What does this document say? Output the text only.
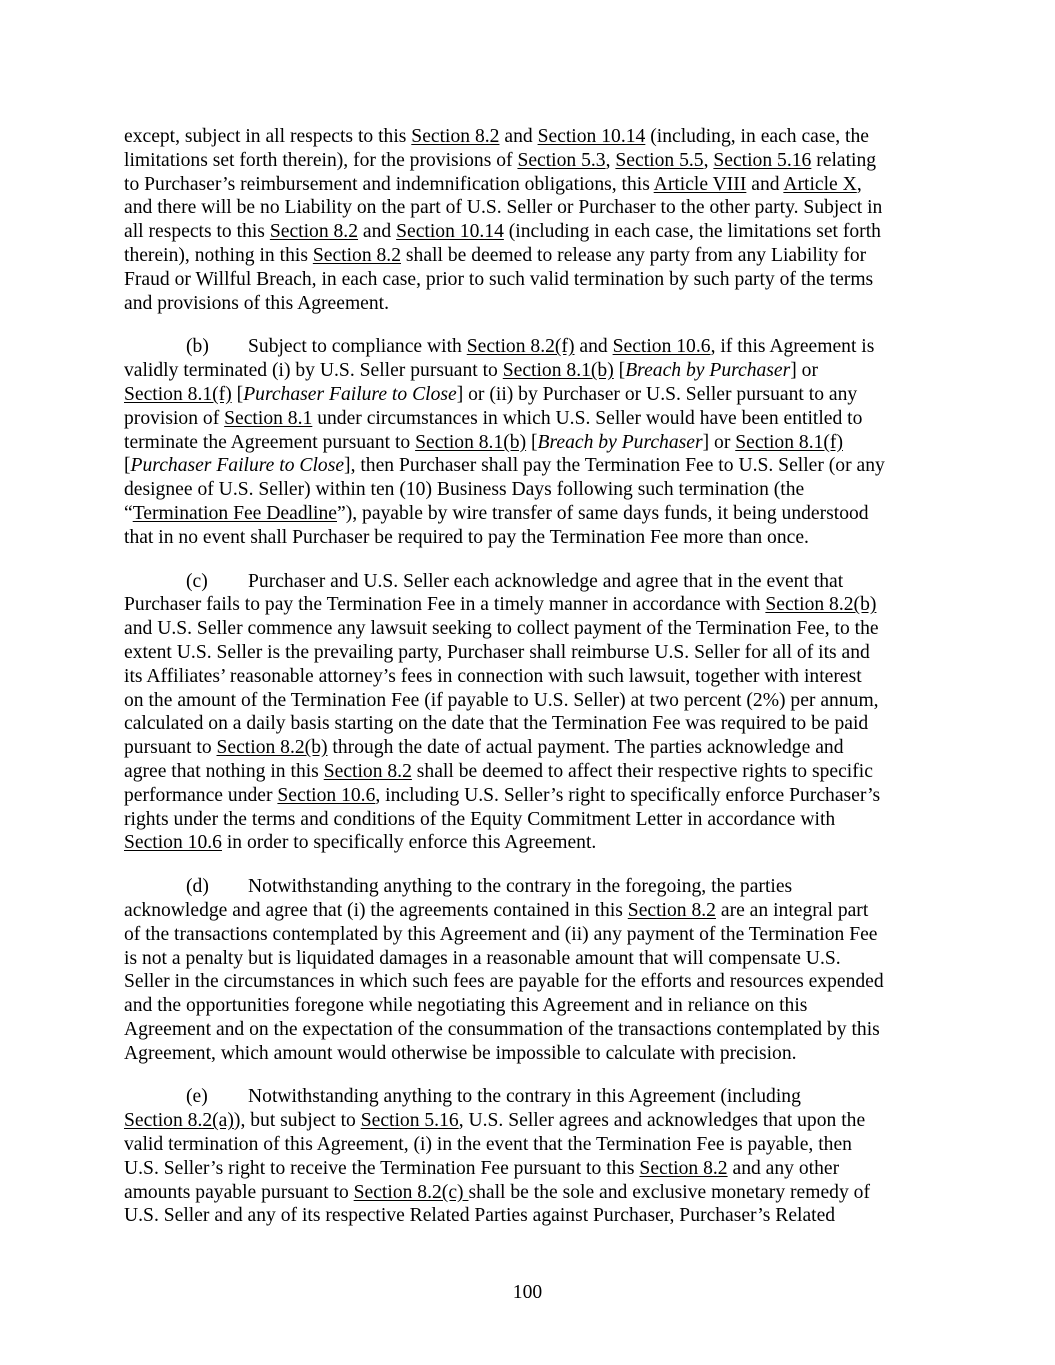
except, subject in all respects to this Section 8.2 and Section 10.14 (including, in each case, the
limitations set forth therein), for the provisions of Section 5.3, Section 5.5, Section 5.16 relating
to Purchaser’s reimbursement and indemnification obligations, this Article VIII and Article X,
and there will be no Liability on the part of U.S. Seller or Purchaser to the other party. Subject in
all respects to this Section 8.2 and Section 10.14 (including in each case, the limitations set forth
therein), nothing in this Section 8.2 shall be deemed to release any party from any Liability for
Fraud or Willful Breach, in each case, prior to such valid termination by such party of the terms
and provisions of this Agreement.
(b) Subject to compliance with Section 8.2(f) and Section 10.6, if this Agreement is
validly terminated (i) by U.S. Seller pursuant to Section 8.1(b) [Breach by Purchaser] or
Section 8.1(f) [Purchaser Failure to Close] or (ii) by Purchaser or U.S. Seller pursuant to any
provision of Section 8.1 under circumstances in which U.S. Seller would have been entitled to
terminate the Agreement pursuant to Section 8.1(b) [Breach by Purchaser] or Section 8.1(f)
[Purchaser Failure to Close], then Purchaser shall pay the Termination Fee to U.S. Seller (or any
designee of U.S. Seller) within ten (10) Business Days following such termination (the
“Termination Fee Deadline”), payable by wire transfer of same days funds, it being understood
that in no event shall Purchaser be required to pay the Termination Fee more than once.
(c) Purchaser and U.S. Seller each acknowledge and agree that in the event that
Purchaser fails to pay the Termination Fee in a timely manner in accordance with Section 8.2(b)
and U.S. Seller commence any lawsuit seeking to collect payment of the Termination Fee, to the
extent U.S. Seller is the prevailing party, Purchaser shall reimburse U.S. Seller for all of its and
its Affiliates’ reasonable attorney’s fees in connection with such lawsuit, together with interest
on the amount of the Termination Fee (if payable to U.S. Seller) at two percent (2%) per annum,
calculated on a daily basis starting on the date that the Termination Fee was required to be paid
pursuant to Section 8.2(b) through the date of actual payment. The parties acknowledge and
agree that nothing in this Section 8.2 shall be deemed to affect their respective rights to specific
performance under Section 10.6, including U.S. Seller’s right to specifically enforce Purchaser’s
rights under the terms and conditions of the Equity Commitment Letter in accordance with
Section 10.6 in order to specifically enforce this Agreement.
(d) Notwithstanding anything to the contrary in the foregoing, the parties
acknowledge and agree that (i) the agreements contained in this Section 8.2 are an integral part
of the transactions contemplated by this Agreement and (ii) any payment of the Termination Fee
is not a penalty but is liquidated damages in a reasonable amount that will compensate U.S.
Seller in the circumstances in which such fees are payable for the efforts and resources expended
and the opportunities foregone while negotiating this Agreement and in reliance on this
Agreement and on the expectation of the consummation of the transactions contemplated by this
Agreement, which amount would otherwise be impossible to calculate with precision.
(e) Notwithstanding anything to the contrary in this Agreement (including
Section 8.2(a)), but subject to Section 5.16, U.S. Seller agrees and acknowledges that upon the
valid termination of this Agreement, (i) in the event that the Termination Fee is payable, then
U.S. Seller’s right to receive the Termination Fee pursuant to this Section 8.2 and any other
amounts payable pursuant to Section 8.2(c) shall be the sole and exclusive monetary remedy of
U.S. Seller and any of its respective Related Parties against Purchaser, Purchaser’s Related
100
